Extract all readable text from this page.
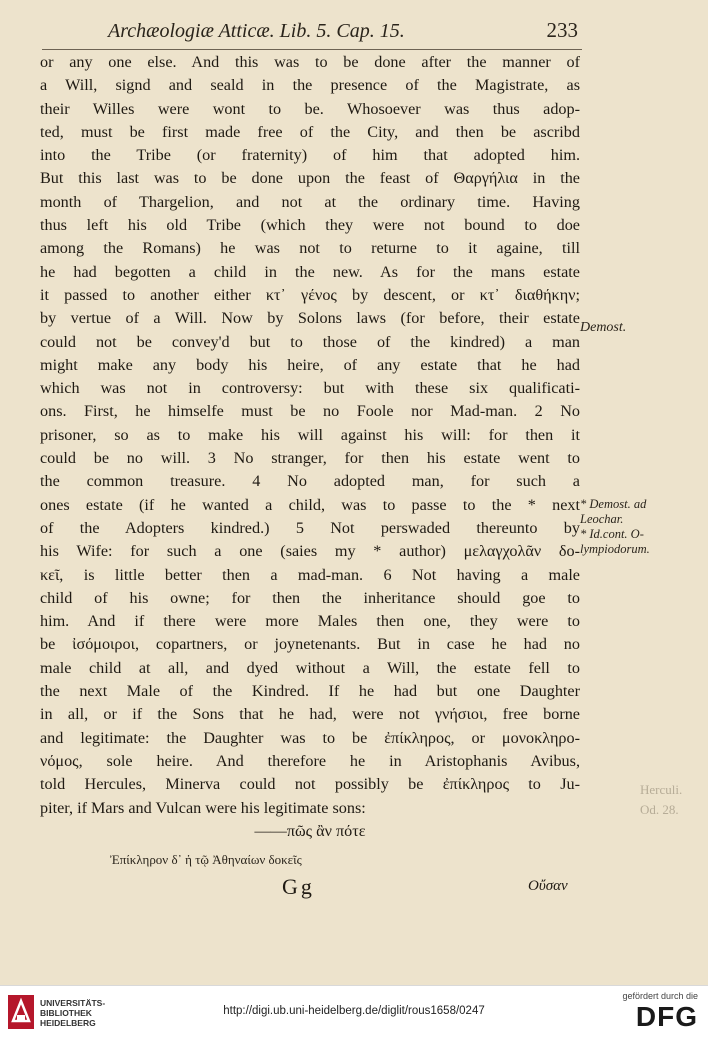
Archæologiæ Atticæ. Lib. 5. Cap. 15.	233
or any one else. And this was to be done after the manner of
a Will, signd and seald in the presence of the Magistrate, as
their Willes were wont to be. Whosoever was thus adop-
ted, must be first made free of the City, and then be ascribd
into the Tribe (or fraternity) of him that adopted him.
But this last was to be done upon the feast of Θαργήλια in the
month of Thargelion, and not at the ordinary time. Having
thus left his old Tribe (which they were not bound to doe
among the Romans) he was not to returne to it againe, till
he had begotten a child in the new. As for the mans estate
it passed to another either κτ᾽ γένος by descent, or κτ᾽ διαθήκην;
by vertue of a Will. Now by Solons laws (for before, their estate
could not be convey'd but to those of the kindred) a man
might make any body his heire, of any estate that he had
which was not in controversy: but with these six qualificati-
ons. First, he himselfe must be no Foole nor Mad-man. 2 No
prisoner, so as to make his will against his will: for then it
could be no will. 3 No stranger, for then his estate went to
the common treasure. 4 No adopted man, for such a
ones estate (if he wanted a child, was to passe to the * next
of the Adopters kindred.) 5 Not perswaded thereunto by
his Wife: for such a one (saies my * author) μελαγχολᾶν δο-
κεῖ, is little better then a mad-man. 6 Not having a male
child of his owne; for then the inheritance should goe to
him. And if there were more Males then one, they were to
be ἰσόμοιροι, copartners, or joynetenants. But in case he had no
male child at all, and dyed without a Will, the estate fell to
the next Male of the Kindred. If he had but one Daughter
in all, or if the Sons that he had, were not γνήσιοι, free borne
and legitimate: the Daughter was to be ἐπίκληρος, or μονοκληρο-
νόμος, sole heire. And therefore he in Aristophanis Avibus,
told Hercules, Minerva could not possibly be ἐπίκληρος to Ju-
piter, if Mars and Vulcan were his legitimate sons:
——πῶς ἂν πότε
Demost.
* Demost. ad
Leochar.
* Id.cont. O-
lympiodorum.
Herculi.
Od. 28.
Ἐπίκληρον δ᾽ ἡ τῷ Ἀθηναίων δοκεῖς
Gg	Οὔσαν
UNIVERSITÄTS-
BIBLIOTHEK
HEIDELBERG
http://digi.ub.uni-heidelberg.de/diglit/rous1658/0247
gefördert durch die
DFG
